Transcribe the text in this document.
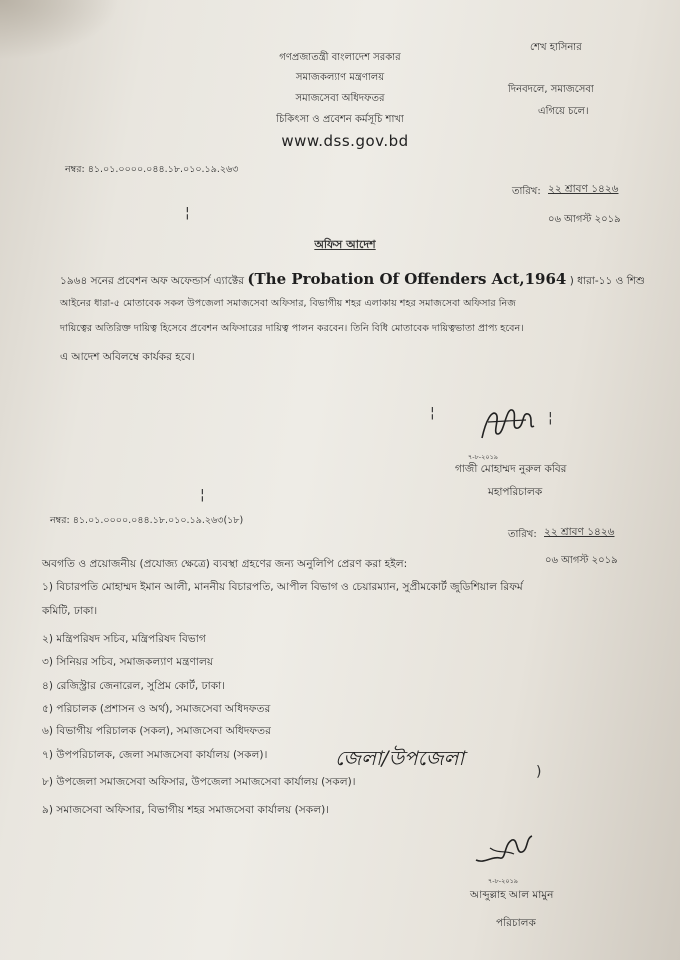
গণপ্রজাতন্ত্রী বাংলাদেশ সরকার
সমাজকল্যাণ মন্ত্রণালয়
সমাজসেবা অধিদফতর
চিকিৎসা ও প্রবেশন কর্মসূচি শাখা
www.dss.gov.bd
শেখ হাসিনার
দিনবদলে, সমাজসেবা
এগিয়ে চলে।
নম্বর: ৪১.০১.০০০০.০৪৪.১৮.০১০.১৯.২৬৩
তারিখ: ২২ শ্রাবণ ১৪২৬
০৬ আগস্ট ২০১৯
¦
অফিস আদেশ
১৯৬৪ সনের প্রবেশন অফ অফেন্ডার্স এ্যাক্টের (The Probation Of Offenders Act,1964 ) ধারা-১১ ও শিশু
আইনের ধারা-৫ মোতাবেক সকল উপজেলা সমাজসেবা অফিসার, বিভাগীয় শহর এলাকায় শহর সমাজসেবা অফিসার নিজ
দায়িত্বের অতিরিক্ত দায়িত্ব হিসেবে প্রবেশন অফিসারের দায়িত্ব পালন করবেন। তিনি বিধি মোতাবেক দায়িত্বভাতা প্রাপ্য হবেন।
এ আদেশ অবিলম্বে কার্যকর হবে।
¦	¦
৭-৮-২০১৯
গাজী মোহাম্মদ নুরুল কবির
মহাপরিচালক
¦
নম্বর: ৪১.০১.০০০০.০৪৪.১৮.০১০.১৯.২৬৩(১৮)
তারিখ: ২২ শ্রাবণ ১৪২৬
০৬ আগস্ট ২০১৯
অবগতি ও প্রয়োজনীয় (প্রযোজ্য ক্ষেত্রে) ব্যবস্থা গ্রহণের জন্য অনুলিপি প্রেরণ করা হইল:
১) বিচারপতি মোহাম্মদ ইমান আলী, মাননীয় বিচারপতি, আপীল বিভাগ ও চেয়ারম্যান, সুপ্রীমকোর্ট জুডিশিয়াল রিফর্ম
কমিটি, ঢাকা।
২) মন্ত্রিপরিষদ সচিব, মন্ত্রিপরিষদ বিভাগ
৩) সিনিয়র সচিব, সমাজকল্যাণ মন্ত্রণালয়
৪) রেজিস্ট্রার জেনারেল, সুপ্রিম কোর্ট, ঢাকা।
৫) পরিচালক (প্রশাসন ও অর্থ), সমাজসেবা অধিদফতর
৬) বিভাগীয় পরিচালক (সকল), সমাজসেবা অধিদফতর
৭) উপপরিচালক, জেলা সমাজসেবা কার্যালয় (সকল)।
৮) উপজেলা সমাজসেবা অফিসার, উপজেলা সমাজসেবা কার্যালয় (সকল)।
৯) সমাজসেবা অফিসার, বিভাগীয় শহর সমাজসেবা কার্যালয় (সকল)।
জেলা/উপজেলা
)
৭-৮-২০১৯
আব্দুল্লাহ আল মামুন
পরিচালক
